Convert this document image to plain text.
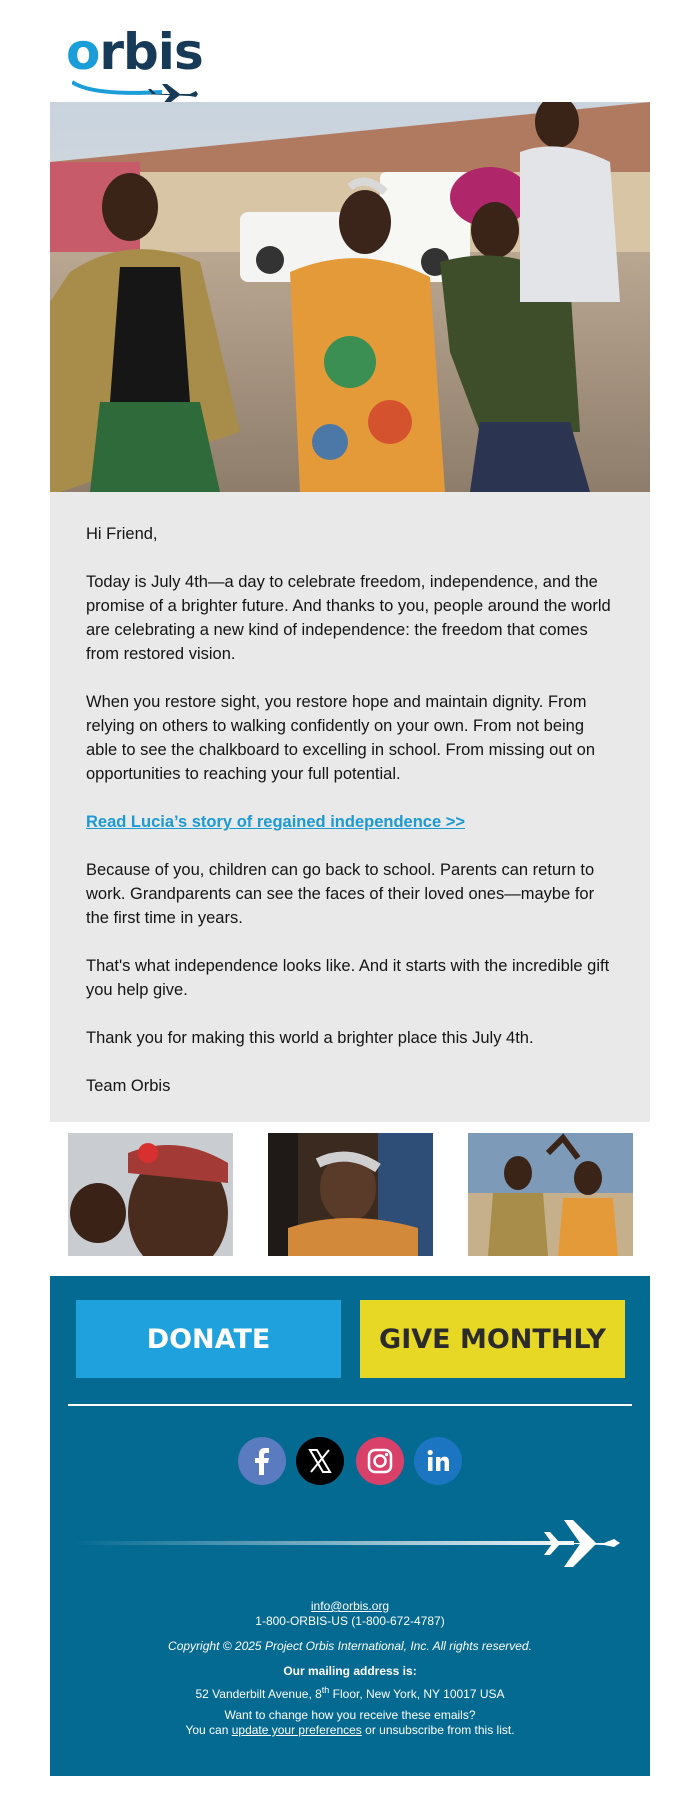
orbis

Hi Friend,

Today is July 4th—a day to celebrate freedom, independence, and the promise of a brighter future. And thanks to you, people around the world are celebrating a new kind of independence: the freedom that comes from restored vision.

When you restore sight, you restore hope and maintain dignity. From relying on others to walking confidently on your own. From not being able to see the chalkboard to excelling in school. From missing out on opportunities to reaching your full potential.

Read Lucia’s story of regained independence >>

Because of you, children can go back to school. Parents can return to work. Grandparents can see the faces of their loved ones—maybe for the first time in years.

That's what independence looks like. And it starts with the incredible gift you help give.

Thank you for making this world a brighter place this July 4th.

Team Orbis

DONATE	GIVE MONTHLY
info@orbis.org
1-800-ORBIS-US (1-800-672-4787)
Copyright © 2025 Project Orbis International, Inc. All rights reserved.
Our mailing address is:
52 Vanderbilt Avenue, 8th Floor, New York, NY 10017 USA
Want to change how you receive these emails?
You can update your preferences or unsubscribe from this list.
